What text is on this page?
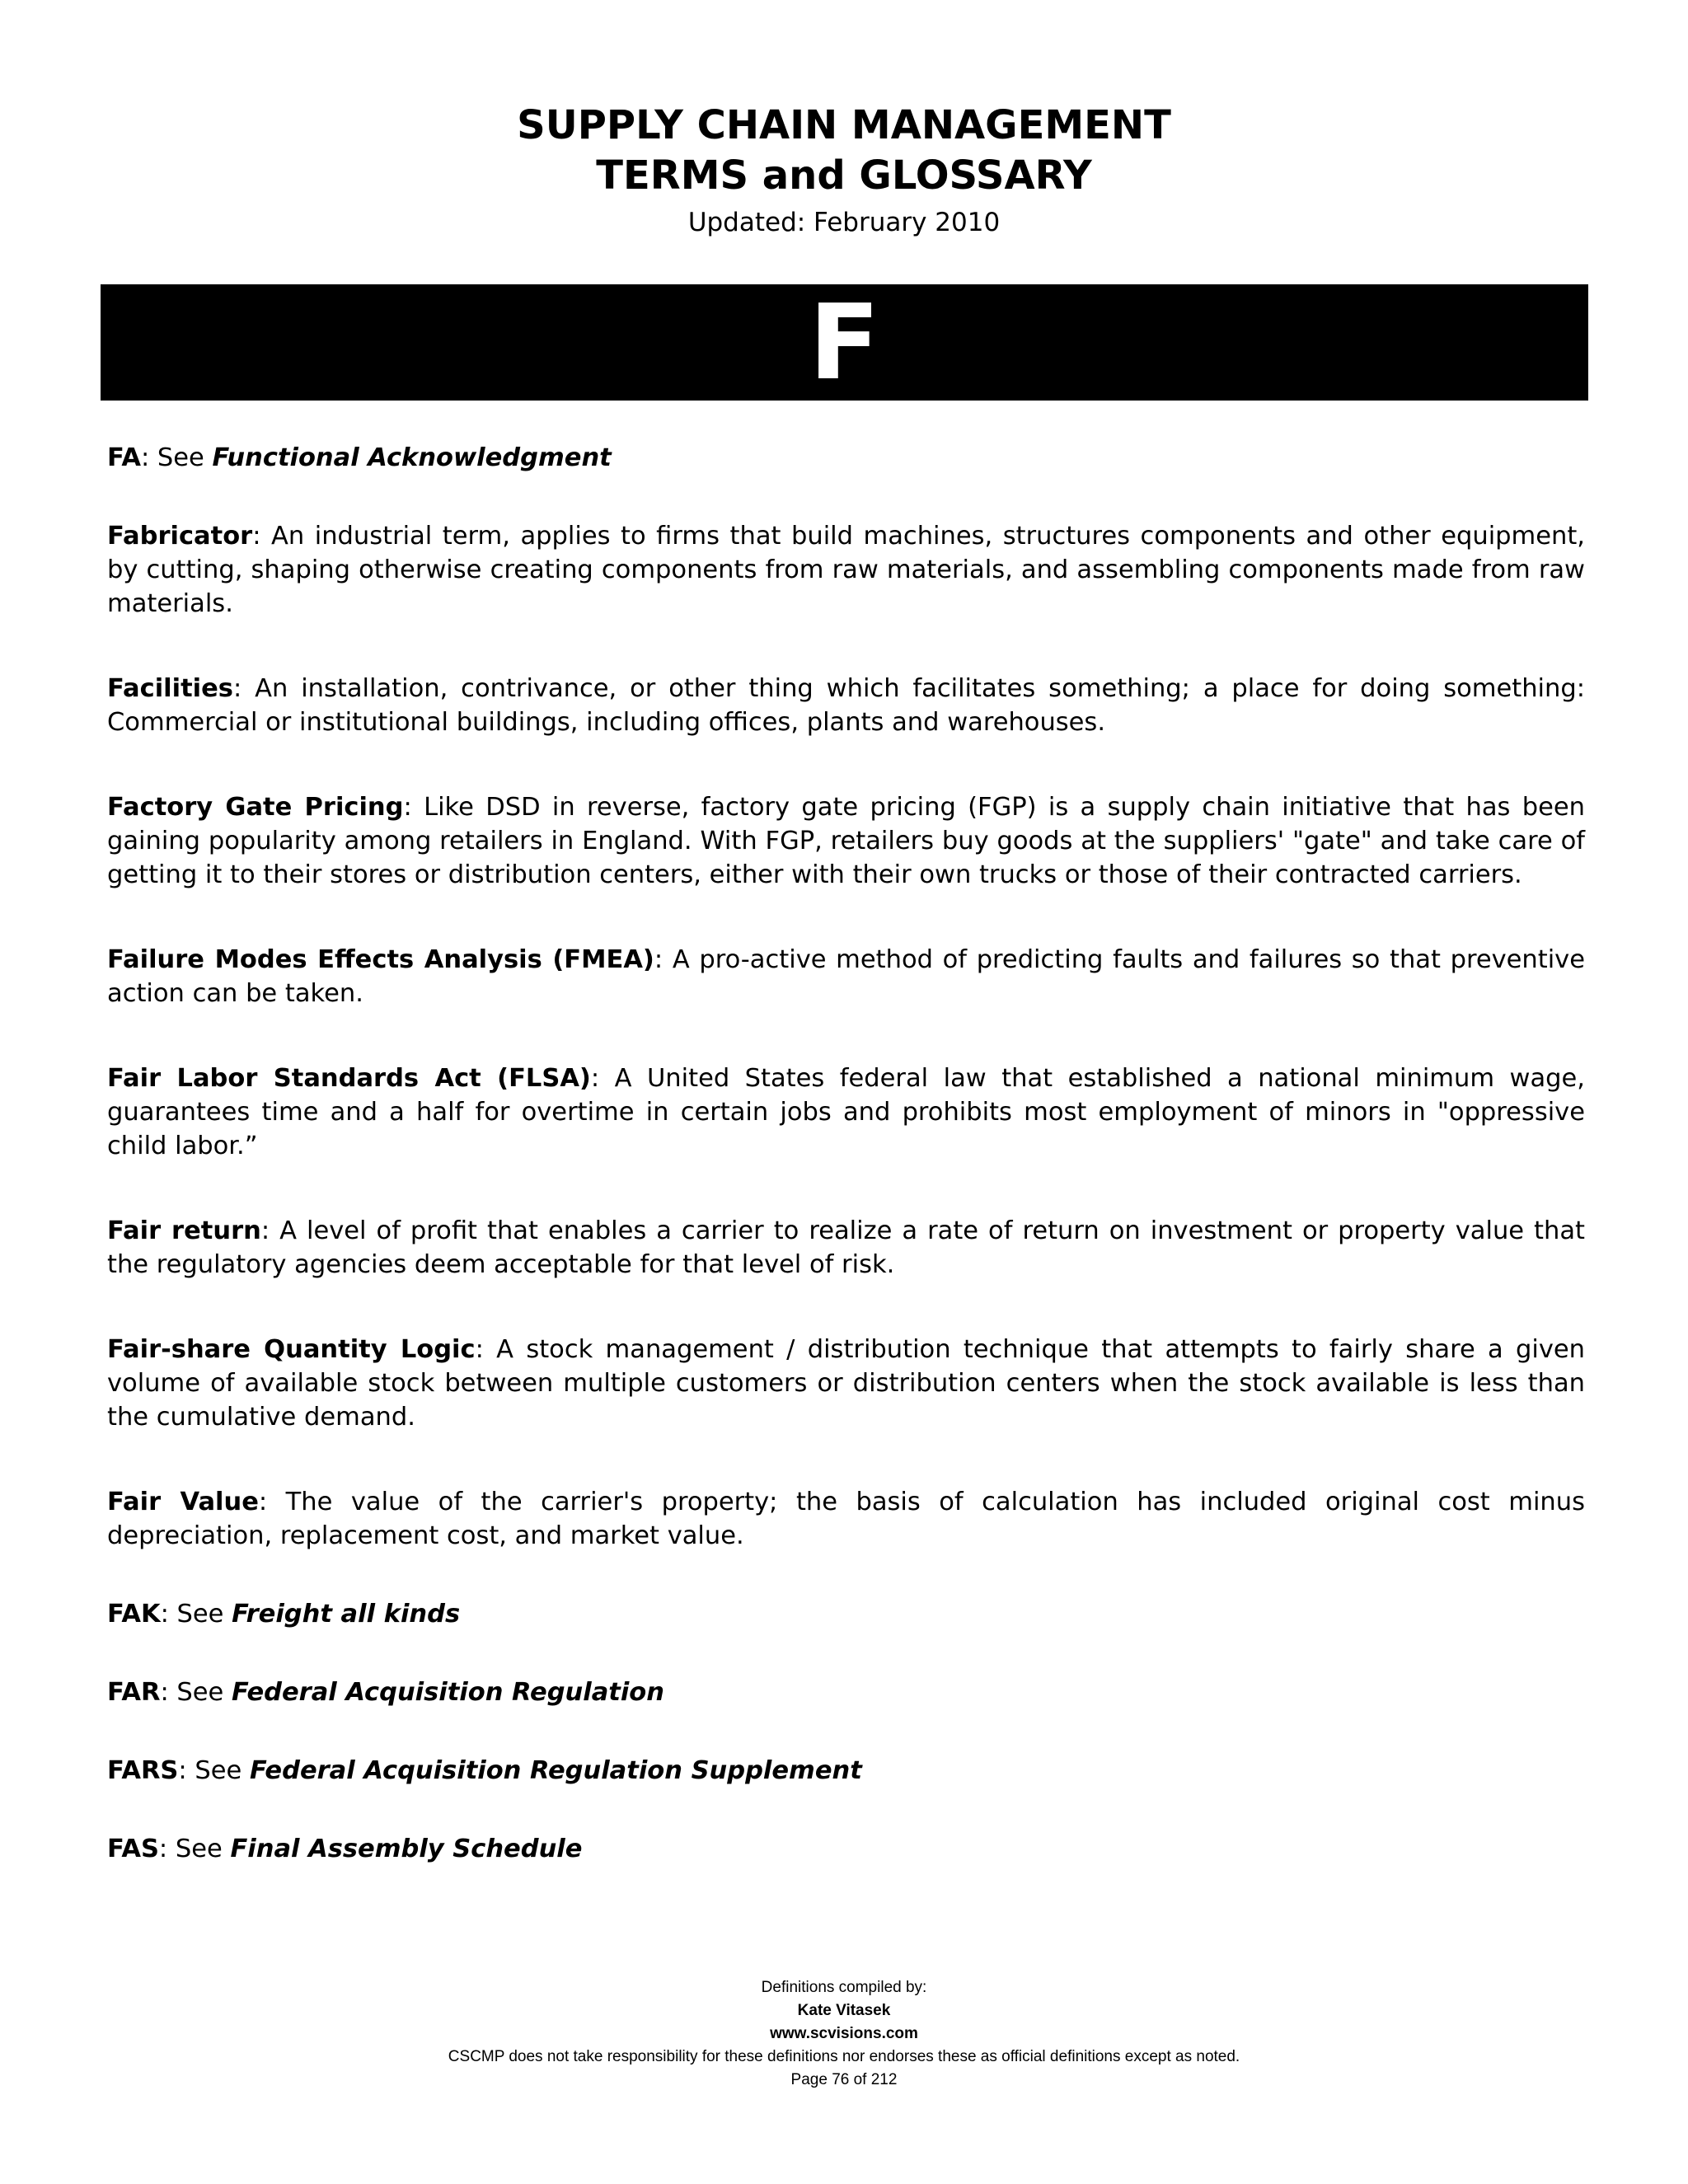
SUPPLY CHAIN MANAGEMENT
TERMS and GLOSSARY
Updated: February 2010
F

FA: See Functional Acknowledgment

Fabricator: An industrial term, applies to firms that build machines, structures components and other equipment, by cutting, shaping otherwise creating components from raw materials, and assembling components made from raw materials.

Facilities: An installation, contrivance, or other thing which facilitates something; a place for doing something: Commercial or institutional buildings, including offices, plants and warehouses.

Factory Gate Pricing: Like DSD in reverse, factory gate pricing (FGP) is a supply chain initiative that has been gaining popularity among retailers in England. With FGP, retailers buy goods at the suppliers' "gate" and take care of getting it to their stores or distribution centers, either with their own trucks or those of their contracted carriers.

Failure Modes Effects Analysis (FMEA): A pro-active method of predicting faults and failures so that preventive action can be taken.

Fair Labor Standards Act (FLSA): A United States federal law that established a national minimum wage, guarantees time and a half for overtime in certain jobs and prohibits most employment of minors in "oppressive child labor.”

Fair return: A level of profit that enables a carrier to realize a rate of return on investment or property value that the regulatory agencies deem acceptable for that level of risk.

Fair-share Quantity Logic: A stock management / distribution technique that attempts to fairly share a given volume of available stock between multiple customers or distribution centers when the stock available is less than the cumulative demand.

Fair Value: The value of the carrier's property; the basis of calculation has included original cost minus depreciation, replacement cost, and market value.

FAK: See Freight all kinds

FAR: See Federal Acquisition Regulation

FARS: See Federal Acquisition Regulation Supplement

FAS: See Final Assembly Schedule

Definitions compiled by:
Kate Vitasek
www.scvisions.com
CSCMP does not take responsibility for these definitions nor endorses these as official definitions except as noted.
Page 76 of 212
